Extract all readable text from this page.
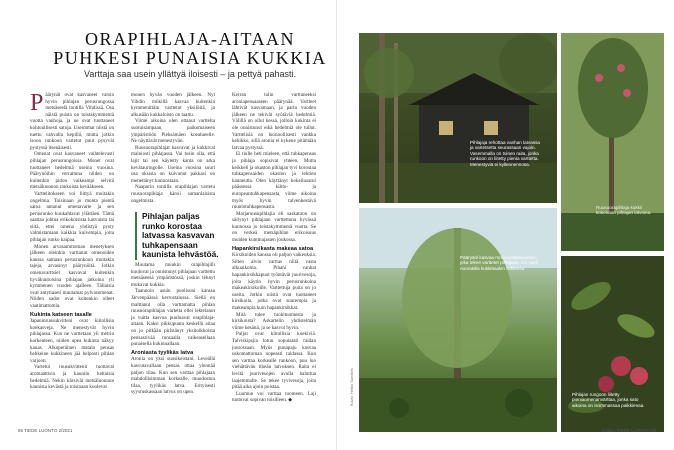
ORAPIHLAJA-AITAAN
PUHKESI PUNAISIA KUKKIA
Varttaja saa usein yllättyä iloisesti – ja pettyä pahasti.

Päärynät ovat kasvaneet varsin hyvin pihlajan perusrungossa metsäseelä tontilla Vihdissä. Osa näistä puista on toistakymmentä vuotta vanhoja, ja ne ovat tuottaneet kohtuullisesti satoja. Useimmat niistä on tuettu vahvalla kepillä, mutta jotkin isoon runkoon vartetut puut pysyvät pystyssä itsenäisesti.

Omenat ovat kasvaneet vaihtelevasti pihlajan perusrungoissa. Monet ovat tuottaneet hedelmiä useina vuosina. Päärynöihin verrattuna niiden on kuitenkin pidon vaikeampi selvitä metsäluonnon rankoista kevääkseen.

Varttelitokseen voi liittyä muitakin ongelmia. Toisinaan jo monta pientä satoa antanut omenavarte ja sen perusrunko kuukahtavat yllättäen. Tämä saattaa johtua erikokoisista kasvuista tai siitä, ettei omena yhdistyä pysty valmistamaan kaikkia kuivempia, joita pihlajan runko kaipaa.

Monen arvasammoman menetyksen jälkeen oleinkin varttanut omenoiden kanssa samaan perusrunkoon muitakin tajeja, arvasinyt päärynöitä. Jotkin omenavarttsiet kasvavat kuitenkin hyväkuntoisina pihlajan jatkoina yli kymmenen vuoden ajalleen. Tällaisia ovat antytiaseti muutamat pylvasomenat. Niiden sadot ovat kuitenkin olleet vaatimattomia.

Kukinta katseen tasalle

Japaninruusukvitteni ovat kiitollisia koekasveja. Ne menestyvät hyvin pihlajassa. Kun ne varttetaan yli metrin korkeuteen, niiden upea kukinta näkyy kauas. Alkuperäinen matala pensas hehkeine kukkineen jää helposti pihlan varjoon.

Vartetut ruusukvittenit tuottavat aromaattisia ja kauniin keltaisia hedelmiä. Nekin kärsivät metsäluonnon kaunista kevästä ja toisinaan kuolevat

monen hyvän vuoden jälkeen. Nyt Vihdin mökillä kasvaa kuitenkin kymmenittäin varttetut yksilöitä, ja alkusään kukkaloisto on taattu.

Viime aikoina olen ottanut varttelta suotuisampaan, paikomaiseen ympäristöön Pieksämäen koealueelle. Ne näyttävät menestyvän.

Ruusuorapihlajat kasvavat ja kukkivat mainiosti pihlajassa. Vai tosin olla, että lajit tai sen käytetty kanta on arka kevätauringolle. Useina vuosina suuri osa oksista on kuivunut pakkasi on menettänyt kunnostaan.

Naapurin tontilla orapihlajan vartetu ruusuorapihlaja kärsii samanlaisista ongelmista.

Muutama muukin orapihlajilli kuuluvat ja onnistunyt pihlajaan varttettu metsäseesä ympäristössä, joskin tehnyt mukavat kukkia.

Taannoin asuin puolisoni kanssa Järvenpäässä kerrostalossa. Siellä en malttanut olla varttamatta pihlan ruusuorapihlajan vartetta ellei lektelanut ja vuitta kasvua puuluavat orapihlaja-aitaan. Kaksi pikkupuuta keskellä aitaa on jo pitkään piristänyt yksitoikkoista pensasrivää runsaalla vaikeasellaan punaisella kukinnallaan.

Aroniasta tyylikäs latva

Aronia on yksi suosikeistani. Leveällä kasvutavallaan pensas ottaa ylennää paljon tilaa. Kun sen varttaa pihlajaan mahdollisimman korkealle, muodostuu tilaa, tyylikäs latva. Erityisesti syysruskassaan latvus on upea.

Pihlajan paljas runko korostaa latvassa kasvavan tuhkapensaan kaunista lehvästöä.

Kerran tulin varttaneeksi aroniapensaaseen päärynää. Vartteet lähtivät kasvamaan, ja parin vuoden jälkeen ne tekivät syötäviä hedelmiä. Välillä on ollut kessä, jolloin kukinta ei ole onnistunut eikä hedelmiä ole tullut. Varttelisiä on luonnollisesti vankka kehikko, sillä aronia ei kykene pitämään latvaa pystyssä.

Ei tiulle heti mieleen, että tuhkapensas ja pihlaja sopisivat yhteen. Mutta keikkeli ja okaston pihlajan tyvi korostaa tuhkapensaiden okaston ja lehtien kauneutta. Olen käyttänyt kokeilusarni päässessa kiltto- ja europeantuhkapensasta, viime aikoina myös hyvin talvenkestävä ruuntotuhkapensasta.

Marjaruusupihlajia eli saskatoon on säilynyt pihlajaan varttettuna hyvässä kunnossa jo toistakymmentä vuotta. Se on verkeä metsäpihlan erikoisuus muiden kummajasten joukossa.

Hapankirsikasta makeaa satoa

Kirsikoiden kanssa oli paljon vaikeuksia. Silten alvin varttas niitä vasta alkuaikoina. Pihani vanhat hapankirsikkapuut työntävät juurivesoja, joita käytin hyvin perusrunkoina makeakirsikoille. Varttettuja puita on jo useita. Jotkin niistä ovat tuottaneet kirsikoita, jotka ovat suurempia ja makeampia kuin hapankirsikkat.

Mitä tulee tuohituomesta ja kirsikoista? Askartelin yhdistelmän viime kesänä, ja se kasvoi hyvin.

Paljut ovat kiitollisia koekiviä. Talviskipsjia lotuu sopuisasti raidan juurossaan. Myös punapaju kasvaa uskomattoman nopeasti raidassa. Kun sen varttaa korkealle runkoon, puu luo viehättävän tiheän latvuksen. Raita ei levitä juurivesojen avulla haluttua laajemmalle. Se tekee tyvivesoja, joita pitää aika ajoin poistaa.

Luumun voi varttaa tuomeen. Laji tuntuvat sopivan toisilleen. ◆

66 TIEDE LUONTO 2/2021
Pihlajaja rehottaa vanhan latvassa ja vartetsetta seurassaan vajoin. Vasemmalla on toinen raita, jonka runkoon on liitetty pienia varttetta. Menestyviä ei kyllennennosa.
Ruusuorapihlaja kukkii kokonaan pihlajan latvoina.
Pääryänl kasvaa monivuotaitaseksen, joka tekee varttetet pihlajaan. On vaeli nuorakilla kukkittaakin kukkinsa.
Pihlajan rungoon liitetty pieniaomenanvärttaa, jonka sato aikoina on isommassaa palkkienaa.
Kuvat: Heikki Sarvikes
2/2021 TIEDE LUONTO 55
